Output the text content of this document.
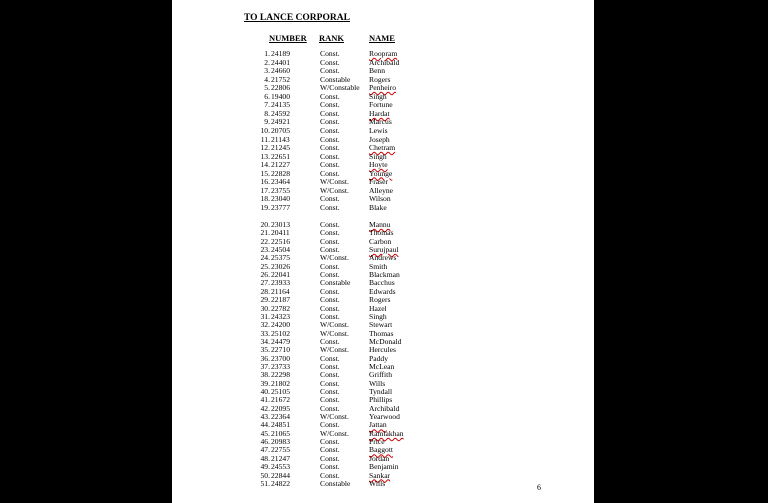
TO LANCE CORPORAL
NUMBER RANK	NAME
1. 24189	Const.	Roopram
2. 24401	Const.	Archibald
3. 24660	Const.	Benn
4. 21752	Constable Rogers
5. 22806	W/Constable Penheiro
6. 19400	Const.	Singh
7. 24135	Const.	Fortune
8. 24592	Const.	Hardat
9. 24921	Const.	Marcus
10. 20705	Const.	Lewis
11. 21143	Const.	Joseph
12. 21245	Const.	Chetram
13. 22651	Const.	Singh
14. 21227	Const.	Hoyte
15. 22828	Const.	Younge
16. 23464	W/Const.	Fraser
17. 23755	W/Const.	Alleyne
18. 23040	Const.	Wilson
19. 23777	Const.	Blake
20. 23013	Const.	Mannu
21. 20411	Const.	Thomas
22. 22516	Const.	Carbon
23. 24504	Const.	Surujpaul
24. 25375	W/Const.	Andrews
25. 23026	Const.	Smith
26. 22041	Const.	Blackman
27. 23933	Constable Bacchus
28. 21164	Const.	Edwards
29. 22187	Const.	Rogers
30. 22782	Const.	Hazel
31. 24323	Const.	Singh
32. 24200	W/Const.	Stewart
33. 25102	W/Const.	Thomas
34. 24479	Const.	McDonald
35. 22710	W/Const.	Hercules
36. 23700	Const.	Paddy
37. 23733	Const.	McLean
38. 22298	Const.	Griffith
39. 21802	Const.	Wills
40. 25105	Const.	Tyndall
41. 21672	Const.	Phillips
42. 22095	Const.	Archibald
43. 22364	W/Const.	Yearwood
44. 24851	Const.	Jattan
45. 21065	W/Const.	Ramlakhan
46. 20983	Const.	Price
47. 22755	Const.	Baggott
48. 21247	Const.	Jordan
49. 24553	Const.	Benjamin
50. 22844	Const.	Sankar
51. 24822	Constable Wills	6
